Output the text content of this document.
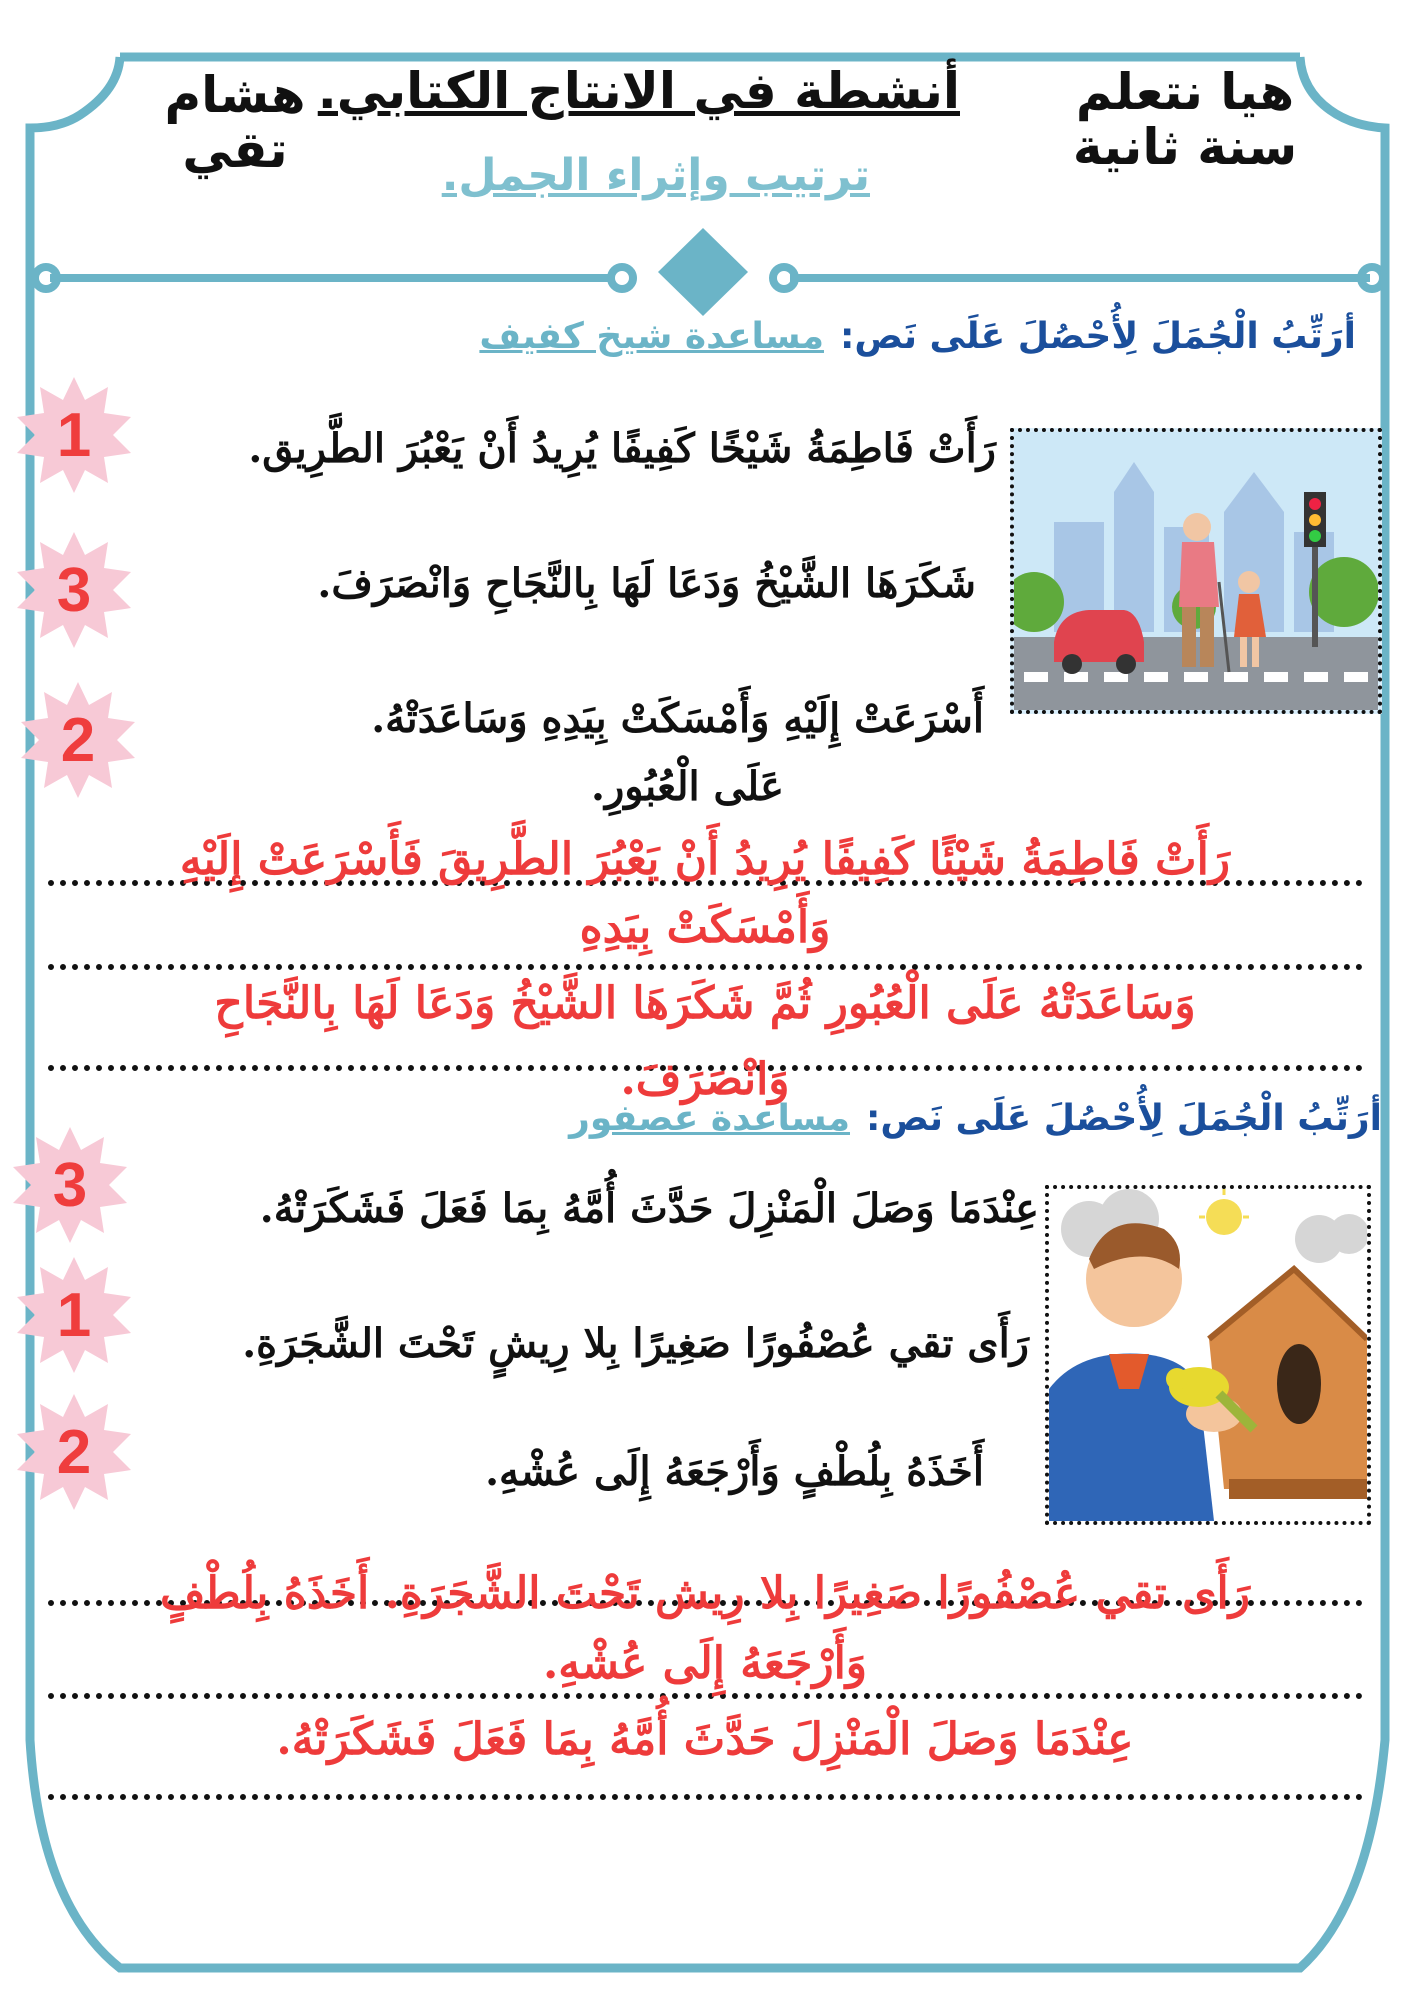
هشام
تقي
أنشطة في الانتاج الكتابي.
ترتيب وإثراء الجمل.
هيا نتعلم
سنة ثانية
أرَتِّبُ الْجُمَلَ لِأُحْصُلَ عَلَى نَص:مساعدة شيخ كفيف
1
3
2
رَأَتْ فَاطِمَةُ شَيْخًا كَفِيفًا يُرِيدُ أَنْ يَعْبُرَ الطَّرِيق.
شَكَرَهَا الشَّيْخُ وَدَعَا لَهَا بِالنَّجَاحِ وَانْصَرَفَ.
أَسْرَعَتْ إِلَيْهِ وَأَمْسَكَتْ بِيَدِهِ وَسَاعَدَتْهُ.
عَلَى الْعُبُورِ.
رَأَتْ فَاطِمَةُ شَيْئًا كَفِيفًا يُرِيدُ أَنْ يَعْبُرَ الطَّرِيقَ فَأَسْرَعَتْ إِلَيْهِ
وَأَمْسَكَتْ بِيَدِهِ
وَسَاعَدَتْهُ عَلَى الْعُبُورِ ثُمَّ شَكَرَهَا الشَّيْخُ وَدَعَا لَهَا بِالنَّجَاحِ
وَانْصَرَفَ.
أرَتِّبُ الْجُمَلَ لِأُحْصُلَ عَلَى نَص:مساعدة عصفور
3
1
2
عِنْدَمَا وَصَلَ الْمَنْزِلَ حَدَّثَ أُمَّهُ بِمَا فَعَلَ فَشَكَرَتْهُ.
رَأَى تقي عُصْفُورًا صَغِيرًا بِلا رِيشٍ تَحْتَ الشَّجَرَةِ.
أَخَذَهُ بِلُطْفٍ وَأَرْجَعَهُ إِلَى عُشْهِ.
رَأَى تقي عُصْفُورًا صَغِيرًا بِلا رِيش تَحْتَ الشَّجَرَةِ. أَخَذَهُ بِلُطْفٍ
وَأَرْجَعَهُ إِلَى عُشْهِ.
عِنْدَمَا وَصَلَ الْمَنْزِلَ حَدَّثَ أُمَّهُ بِمَا فَعَلَ فَشَكَرَتْهُ.
